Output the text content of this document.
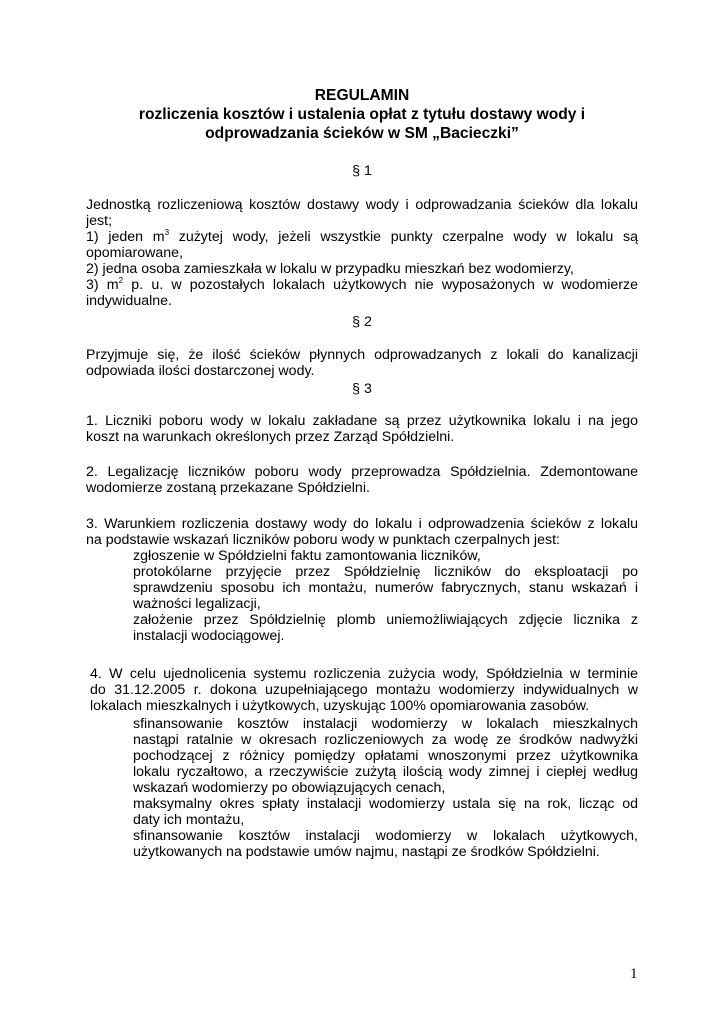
REGULAMIN
rozliczenia kosztów i ustalenia opłat z tytułu dostawy wody i
odprowadzania ścieków w SM „Bacieczki”
§ 1
Jednostką rozliczeniową kosztów dostawy wody i odprowadzania ścieków dla lokalu
jest;
1) jeden $m^3$ zużytej wody, jeżeli wszystkie punkty czerpalne wody w lokalu są
opomiarowane,
2) jedna osoba zamieszkała w lokalu w przypadku mieszkań bez wodomierzy,
3) $m^2$ p. u. w pozostałych lokalach użytkowych nie wyposażonych w wodomierze
indywidualne.
§ 2
Przyjmuje się, że ilość ścieków płynnych odprowadzanych z lokali do kanalizacji
odpowiada ilości dostarczonej wody.
§ 3
1. Liczniki poboru wody w lokalu zakładane są przez użytkownika lokalu i na jego
koszt na warunkach określonych przez Zarząd Spółdzielni.
2. Legalizację liczników poboru wody przeprowadza Spółdzielnia. Zdemontowane
wodomierze zostaną przekazane Spółdzielni.
3. Warunkiem rozliczenia dostawy wody do lokalu i odprowadzenia ścieków z lokalu
na podstawie wskazań liczników poboru wody w punktach czerpalnych jest:
zgłoszenie w Spółdzielni faktu zamontowania liczników,
protokólarne przyjęcie przez Spółdzielnię liczników do eksploatacji po
sprawdzeniu sposobu ich montażu, numerów fabrycznych, stanu wskazań i
ważności legalizacji,
założenie przez Spółdzielnię plomb uniemożliwiających zdjęcie licznika z
instalacji wodociągowej.
4. W celu ujednolicenia systemu rozliczenia zużycia wody, Spółdzielnia w terminie
do 31.12.2005 r. dokona uzupełniającego montażu wodomierzy indywidualnych w
lokalach mieszkalnych i użytkowych, uzyskując 100% opomiarowania zasobów.
sfinansowanie kosztów instalacji wodomierzy w lokalach mieszkalnych
nastąpi ratalnie w okresach rozliczeniowych za wodę ze środków nadwyżki
pochodzącej z różnicy pomiędzy opłatami wnoszonymi przez użytkownika
lokalu ryczałtowo, a rzeczywiście zużytą ilością wody zimnej i ciepłej według
wskazań wodomierzy po obowiązujących cenach,
maksymalny okres spłaty instalacji wodomierzy ustala się na rok, licząc od
daty ich montażu,
sfinansowanie kosztów instalacji wodomierzy w lokalach użytkowych,
użytkowanych na podstawie umów najmu, nastąpi ze środków Spółdzielni.
1
